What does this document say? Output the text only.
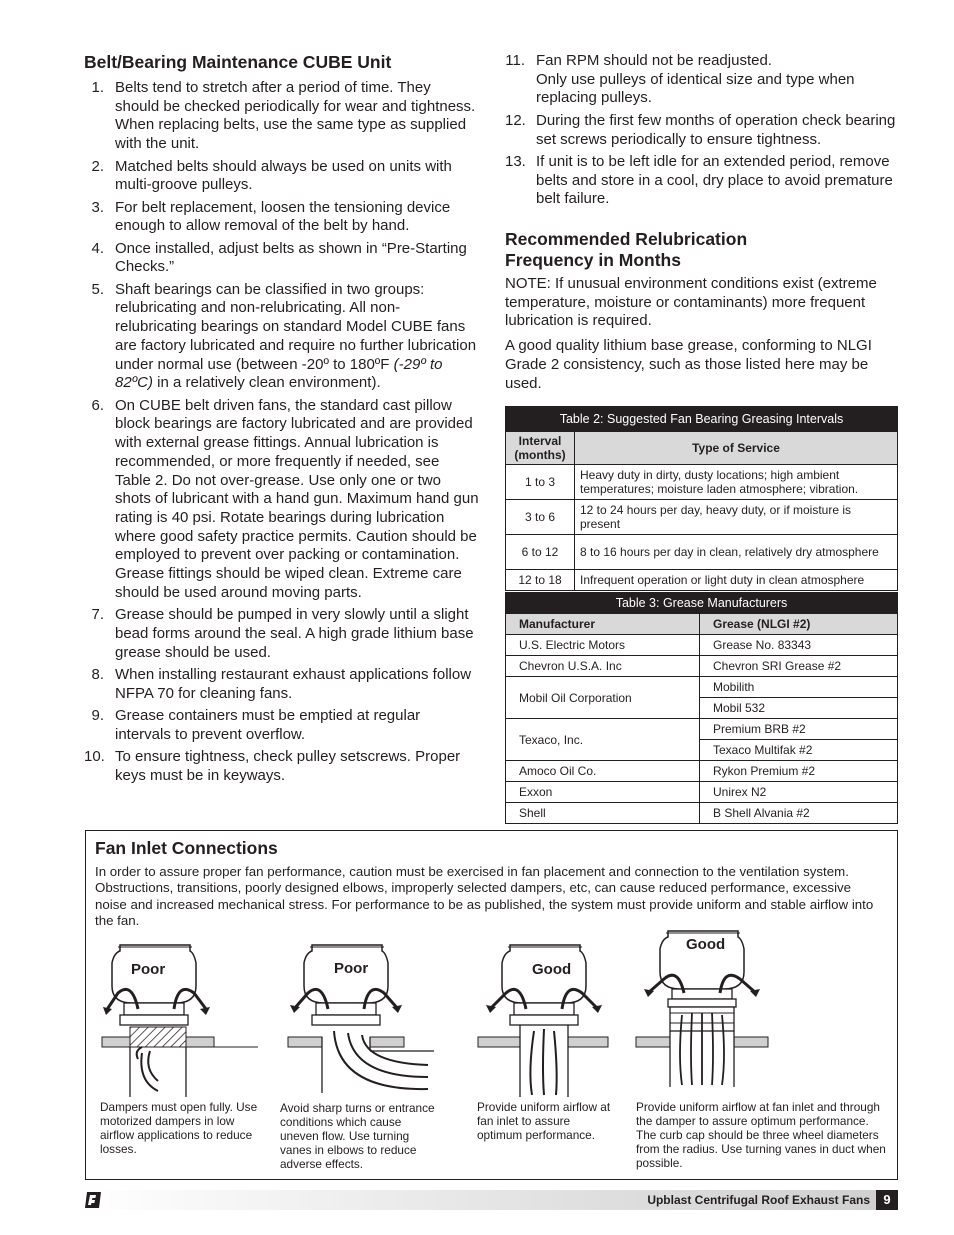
Belt/Bearing Maintenance CUBE Unit
1. Belts tend to stretch after a period of time. They should be checked periodically for wear and tightness. When replacing belts, use the same type as supplied with the unit.
2. Matched belts should always be used on units with multi-groove pulleys.
3. For belt replacement, loosen the tensioning device enough to allow removal of the belt by hand.
4. Once installed, adjust belts as shown in “Pre-Starting Checks.”
5. Shaft bearings can be classified in two groups: relubricating and non-relubricating. All non-relubricating bearings on standard Model CUBE fans are factory lubricated and require no further lubrication under normal use (between -20º to 180ºF (-29º to 82ºC) in a relatively clean environment).
6. On CUBE belt driven fans, the standard cast pillow block bearings are factory lubricated and are provided with external grease fittings. Annual lubrication is recommended, or more frequently if needed, see Table 2. Do not over-grease. Use only one or two shots of lubricant with a hand gun. Maximum hand gun rating is 40 psi. Rotate bearings during lubrication where good safety practice permits. Caution should be employed to prevent over packing or contamination. Grease fittings should be wiped clean. Extreme care should be used around moving parts.
7. Grease should be pumped in very slowly until a slight bead forms around the seal. A high grade lithium base grease should be used.
8. When installing restaurant exhaust applications follow NFPA 70 for cleaning fans.
9. Grease containers must be emptied at regular intervals to prevent overflow.
10. To ensure tightness, check pulley setscrews. Proper keys must be in keyways.
11. Fan RPM should not be readjusted.
Only use pulleys of identical size and type when replacing pulleys.
12. During the first few months of operation check bearing set screws periodically to ensure tightness.
13. If unit is to be left idle for an extended period, remove belts and store in a cool, dry place to avoid premature belt failure.
Recommended Relubrication
Frequency in Months

NOTE: If unusual environment conditions exist (extreme temperature, moisture or contaminants) more frequent lubrication is required.

A good quality lithium base grease, conforming to NLGI Grade 2 consistency, such as those listed here may be used.

Table 2: Suggested Fan Bearing Greasing Intervals	
Interval (months)	Type of Service
1 to 3	Heavy duty in dirty, dusty locations; high ambient temperatures; moisture laden atmosphere; vibration.
3 to 6	12 to 24 hours per day, heavy duty, or if moisture is present
6 to 12	8 to 16 hours per day in clean, relatively dry atmosphere
12 to 18	Infrequent operation or light duty in clean atmosphere
Table 3: Grease Manufacturers	
Manufacturer	Grease (NLGI #2)
U.S. Electric Motors	Grease No. 83343
Chevron U.S.A. Inc	Chevron SRI Grease #2
Mobil Oil Corporation	Mobilith
	Mobil 532
Texaco, Inc.	Premium BRB #2
	Texaco Multifak #2
Amoco Oil Co.	Rykon Premium #2
Exxon	Unirex N2
Shell	B Shell Alvania #2
Fan Inlet Connections
In order to assure proper fan performance, caution must be exercised in fan placement and connection to the ventilation system. Obstructions, transitions, poorly designed elbows, improperly selected dampers, etc, can cause reduced performance, excessive noise and increased mechanical stress. For performance to be as published, the system must provide uniform and stable airflow into the fan.
Poor	Poor	Good
Good
Dampers must open fully. Use motorized dampers in low airflow applications to reduce losses.
Avoid sharp turns or entrance conditions which cause uneven flow. Use turning vanes in elbows to reduce adverse effects.
Provide uniform airflow at fan inlet to assure optimum performance.
Provide uniform airflow at fan inlet and through the damper to assure optimum performance. The curb cap should be three wheel diameters from the radius. Use turning vanes in duct when possible.
Upblast Centrifugal Roof Exhaust Fans	9
